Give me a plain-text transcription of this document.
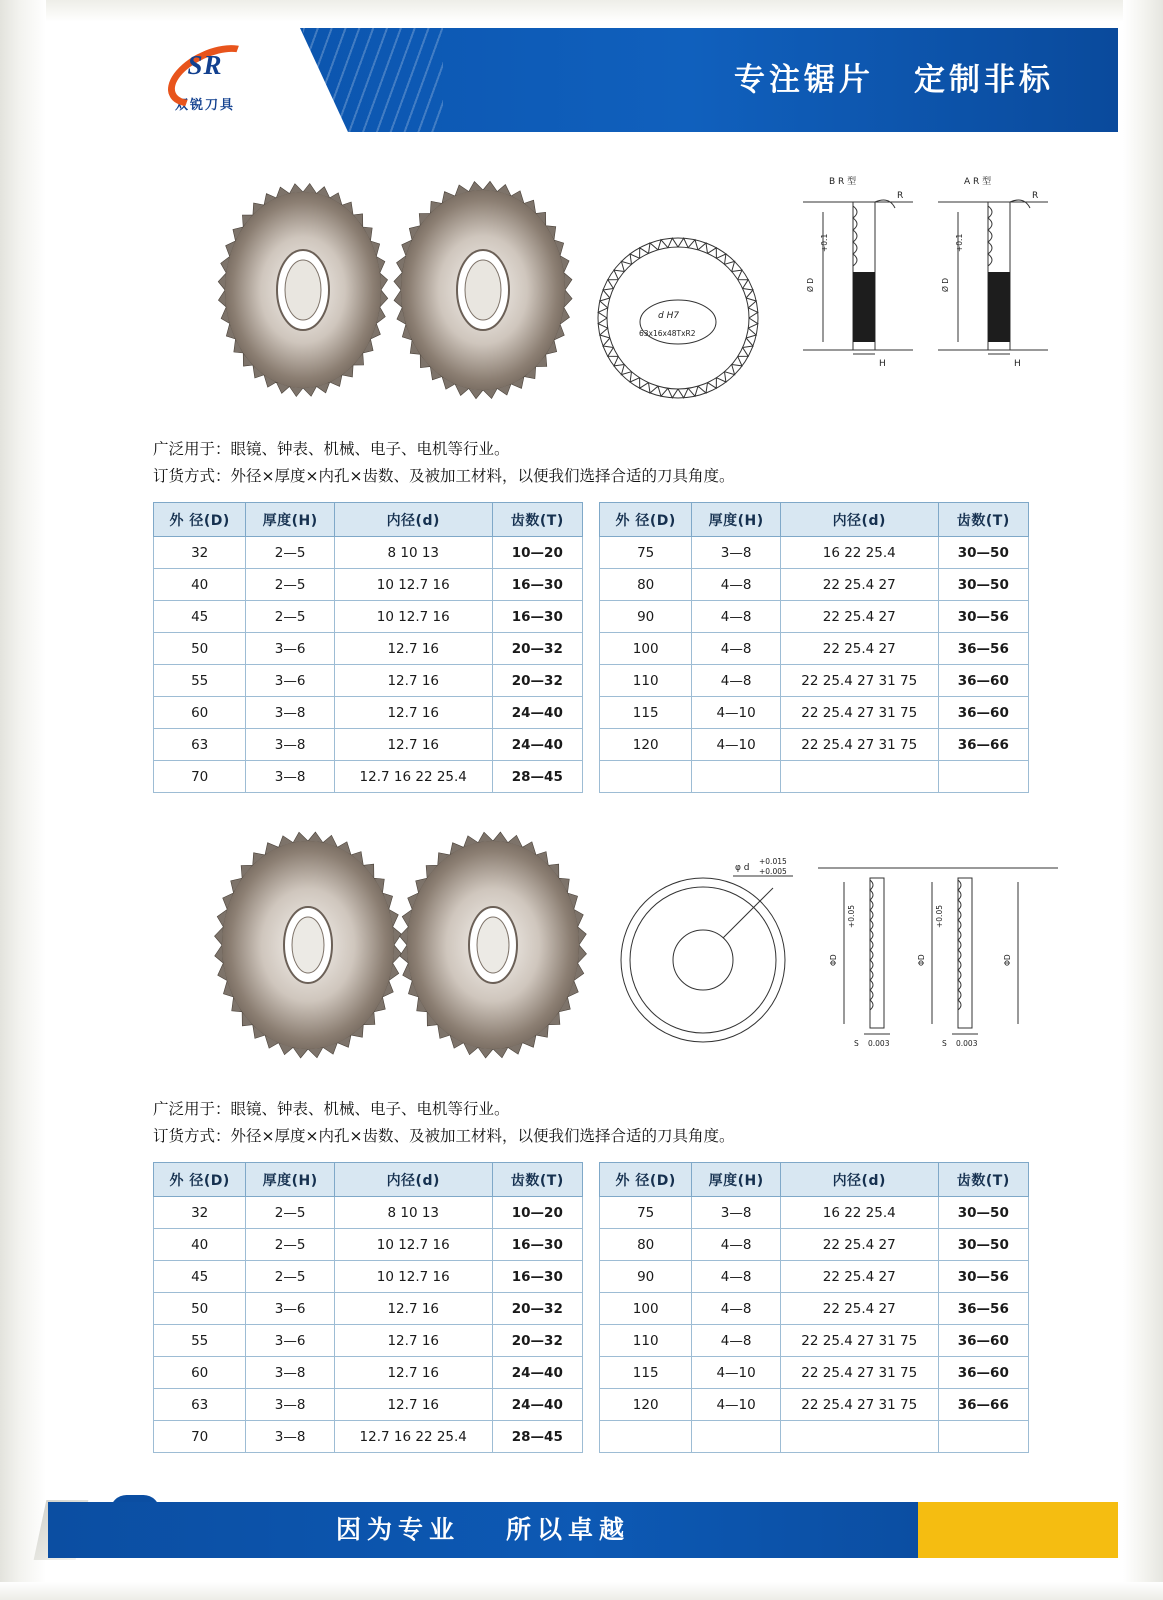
SR
双锐刀具
专注锯片 定制非标
d H7
63x16x48TxR2
B R 型
R
Ø D
+0.1
H
A R 型
R
Ø D
+0.1
H
广泛用于：眼镜、钟表、机械、电子、电机等行业。
订货方式：外径×厚度×内孔×齿数、及被加工材料，以便我们选择合适的刀具角度。
外 径(D)	厚度(H)	内径(d)	齿数(T)
32	2—5	8 10 13	10—20
40	2—5	10 12.7 16	16—30
45	2—5	10 12.7 16	16—30
50	3—6	12.7 16	20—32
55	3—6	12.7 16	20—32
60	3—8	12.7 16	24—40
63	3—8	12.7 16	24—40
70	3—8	12.7 16 22 25.4	28—45
外 径(D)	厚度(H)	内径(d)	齿数(T)
75	3—8	16 22 25.4	30—50
80	4—8	22 25.4 27	30—50
90	4—8	22 25.4 27	30—56
100	4—8	22 25.4 27	36—56
110	4—8	22 25.4 27 31 75	36—60
115	4—10	22 25.4 27 31 75	36—60
120	4—10	22 25.4 27 31 75	36—66

φ d
+0.015
+0.005
ΦD
+0.05
0.003
S
ΦD
+0.05
0.003
S
ΦD
广泛用于：眼镜、钟表、机械、电子、电机等行业。
订货方式：外径×厚度×内孔×齿数、及被加工材料，以便我们选择合适的刀具角度。
外 径(D)	厚度(H)	内径(d)	齿数(T)
32	2—5	8 10 13	10—20
40	2—5	10 12.7 16	16—30
45	2—5	10 12.7 16	16—30
50	3—6	12.7 16	20—32
55	3—6	12.7 16	20—32
60	3—8	12.7 16	24—40
63	3—8	12.7 16	24—40
70	3—8	12.7 16 22 25.4	28—45
外 径(D)	厚度(H)	内径(d)	齿数(T)
75	3—8	16 22 25.4	30—50
80	4—8	22 25.4 27	30—50
90	4—8	22 25.4 27	30—56
100	4—8	22 25.4 27	36—56
110	4—8	22 25.4 27 31 75	36—60
115	4—10	22 25.4 27 31 75	36—60
120	4—10	22 25.4 27 31 75	36—66

因为专业 所以卓越
